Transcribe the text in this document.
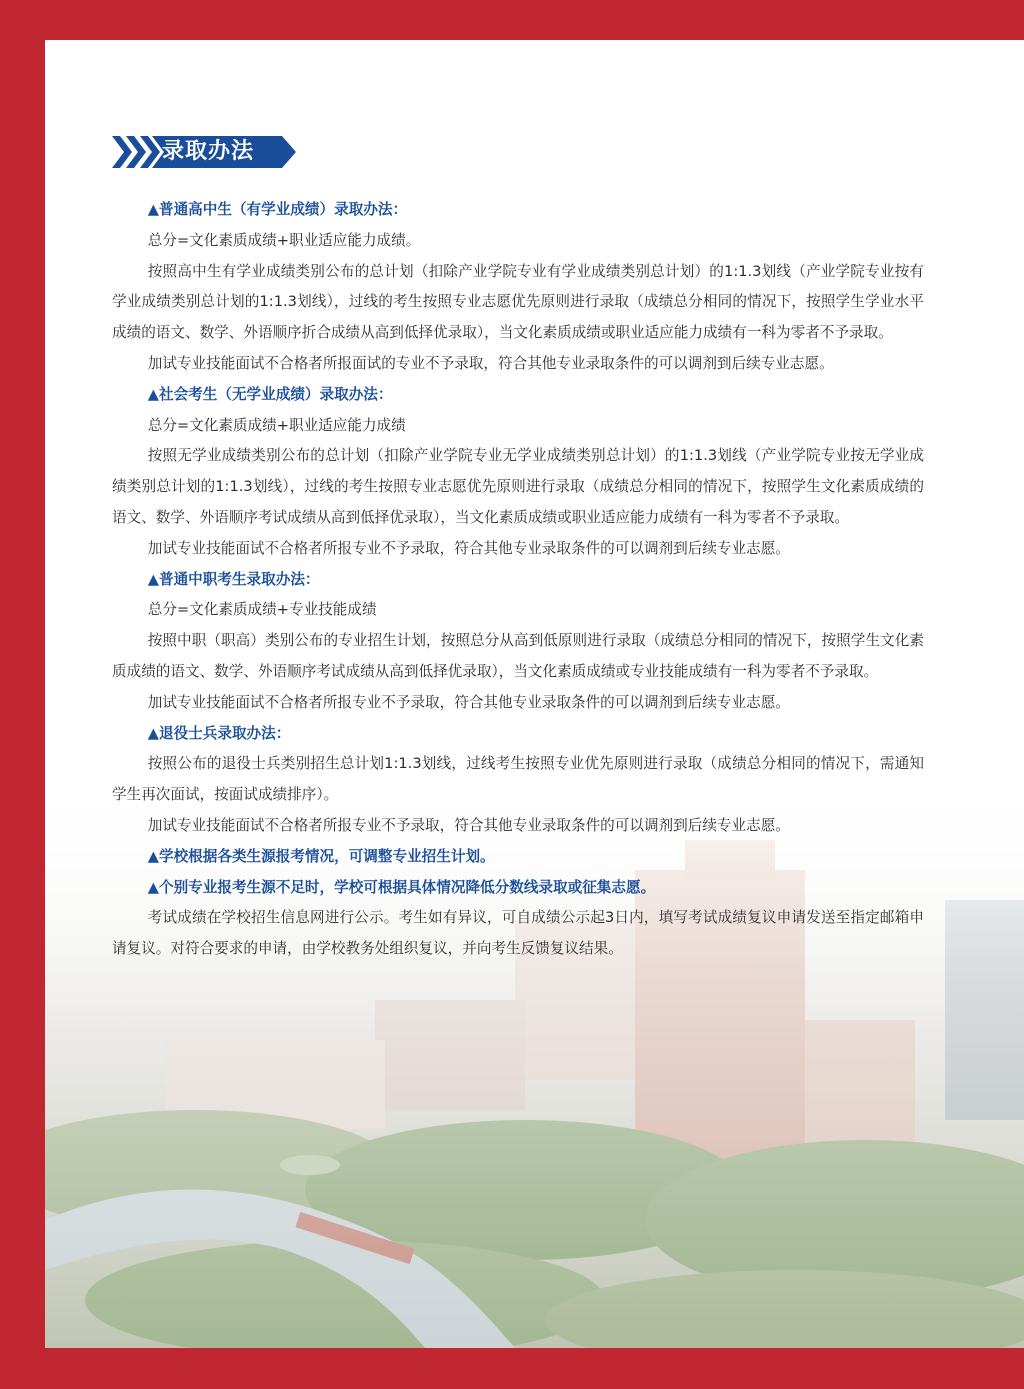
▲普通高中生（有学业成绩）录取办法：

总分=文化素质成绩+职业适应能力成绩。

按照高中生有学业成绩类别公布的总计划（扣除产业学院专业有学业成绩类别总计划）的1:1.3划线（产业学院专业按有学业成绩类别总计划的1:1.3划线），过线的考生按照专业志愿优先原则进行录取（成绩总分相同的情况下，按照学生学业水平成绩的语文、数学、外语顺序折合成绩从高到低择优录取），当文化素质成绩或职业适应能力成绩有一科为零者不予录取。

加试专业技能面试不合格者所报面试的专业不予录取，符合其他专业录取条件的可以调剂到后续专业志愿。

▲社会考生（无学业成绩）录取办法：

总分=文化素质成绩+职业适应能力成绩

按照无学业成绩类别公布的总计划（扣除产业学院专业无学业成绩类别总计划）的1:1.3划线（产业学院专业按无学业成绩类别总计划的1:1.3划线），过线的考生按照专业志愿优先原则进行录取（成绩总分相同的情况下，按照学生文化素质成绩的语文、数学、外语顺序考试成绩从高到低择优录取），当文化素质成绩或职业适应能力成绩有一科为零者不予录取。

加试专业技能面试不合格者所报专业不予录取，符合其他专业录取条件的可以调剂到后续专业志愿。

▲普通中职考生录取办法：

总分=文化素质成绩+专业技能成绩

按照中职（职高）类别公布的专业招生计划，按照总分从高到低原则进行录取（成绩总分相同的情况下，按照学生文化素质成绩的语文、数学、外语顺序考试成绩从高到低择优录取），当文化素质成绩或专业技能成绩有一科为零者不予录取。

加试专业技能面试不合格者所报专业不予录取，符合其他专业录取条件的可以调剂到后续专业志愿。

▲退役士兵录取办法：

按照公布的退役士兵类别招生总计划1:1.3划线，过线考生按照专业优先原则进行录取（成绩总分相同的情况下，需通知学生再次面试，按面试成绩排序）。

加试专业技能面试不合格者所报专业不予录取，符合其他专业录取条件的可以调剂到后续专业志愿。

▲学校根据各类生源报考情况，可调整专业招生计划。

▲个别专业报考生源不足时，学校可根据具体情况降低分数线录取或征集志愿。

考试成绩在学校招生信息网进行公示。考生如有异议，可自成绩公示起3日内，填写考试成绩复议申请发送至指定邮箱申请复议。对符合要求的申请，由学校教务处组织复议，并向考生反馈复议结果。

录取办法
